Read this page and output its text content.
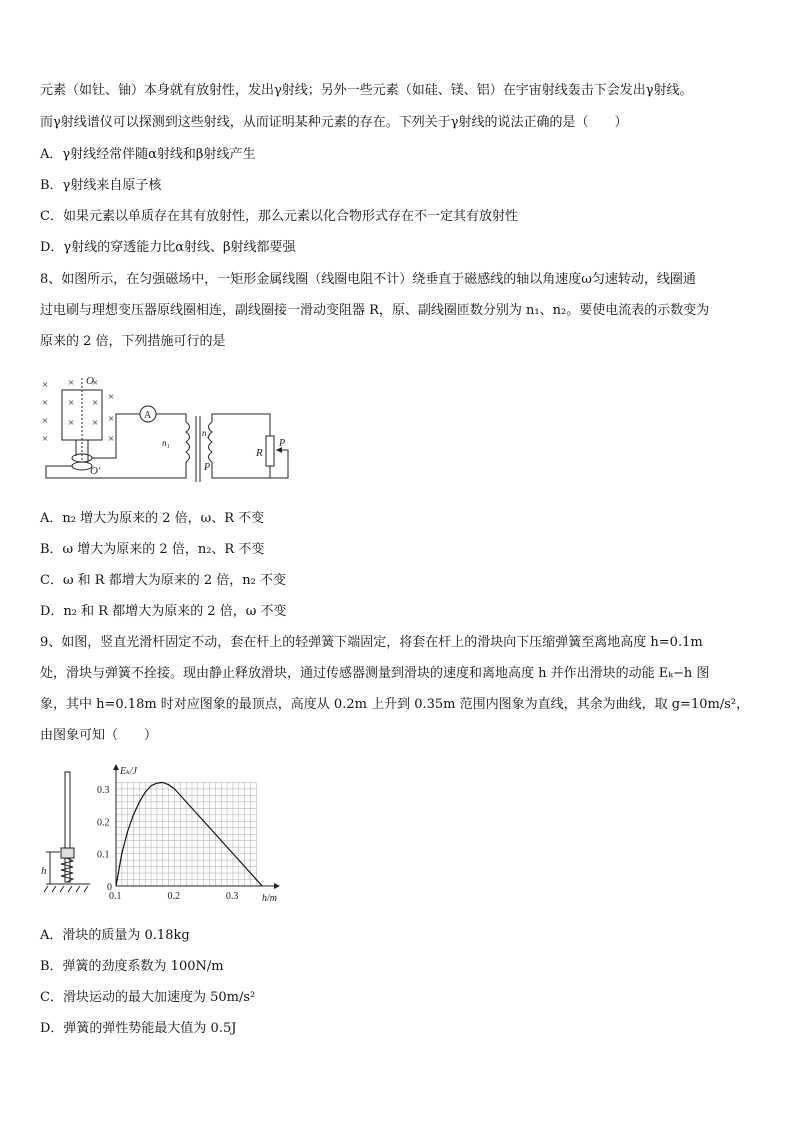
元素（如钍、铀）本身就有放射性，发出γ射线；另外一些元素（如硅、镁、铝）在宇宙射线轰击下会发出γ射线。
而γ射线谱仪可以探测到这些射线，从而证明某种元素的存在。下列关于γ射线的说法正确的是（　　）
A．γ射线经常伴随α射线和β射线产生
B．γ射线来自原子核
C．如果元素以单质存在其有放射性，那么元素以化合物形式存在不一定其有放射性
D．γ射线的穿透能力比α射线、β射线都要强
8、如图所示，在匀强磁场中，一矩形金属线圈（线圈电阻不计）绕垂直于磁感线的轴以角速度ω匀速转动，线圈通
过电刷与理想变压器原线圈相连，副线圈接一滑动变阻器 R，原、副线圈匝数分别为 n₁、n₂。要使电流表的示数变为
原来的 2 倍，下列措施可行的是
×
×
×
×
×
×
×
×
×
×
×
×
×
O
O′
A
n₁
n₂
P
P
R
A．n₂ 增大为原来的 2 倍，ω、R 不变
B．ω 增大为原来的 2 倍，n₂、R 不变
C．ω 和 R 都增大为原来的 2 倍，n₂ 不变
D．n₂ 和 R 都增大为原来的 2 倍，ω 不变
9、如图，竖直光滑杆固定不动，套在杆上的轻弹簧下端固定，将套在杆上的滑块向下压缩弹簧至离地高度 h=0.1m
处，滑块与弹簧不拴接。现由静止释放滑块，通过传感器测量到滑块的速度和离地高度 h 并作出滑块的动能 Eₖ−h 图
象，其中 h=0.18m 时对应图象的最顶点，高度从 0.2m 上升到 0.35m 范围内图象为直线，其余为曲线，取 g=10m/s²，
由图象可知（　　）
h
0.1	0.2	0.3
0.1
0.2
0.3
0
h/m
Eₖ/J
A．滑块的质量为 0.18kg
B．弹簧的劲度系数为 100N/m
C．滑块运动的最大加速度为 50m/s²
D．弹簧的弹性势能最大值为 0.5J
